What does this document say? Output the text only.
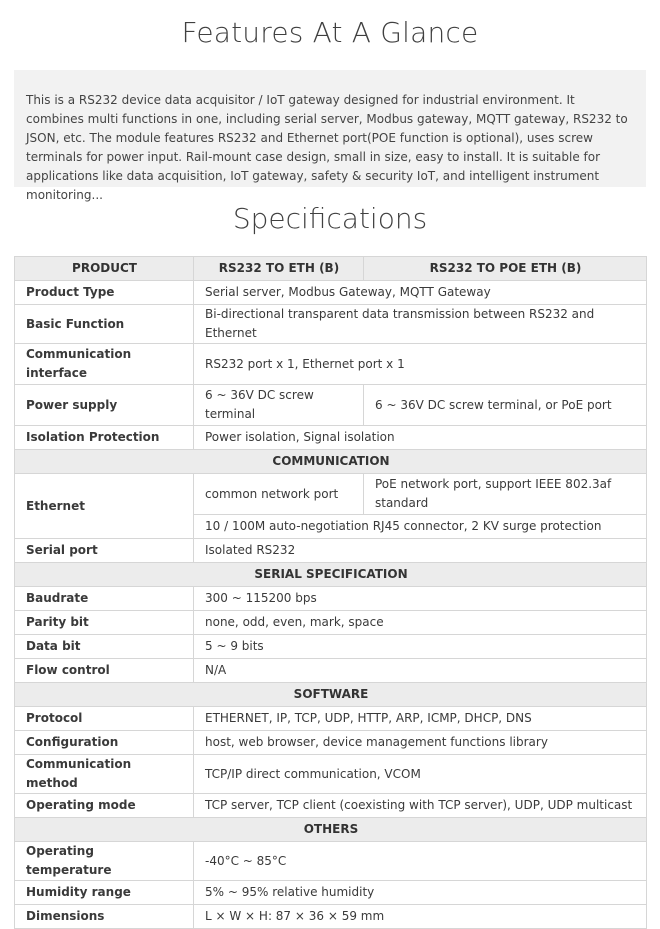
Features At A Glance
This is a RS232 device data acquisitor / IoT gateway designed for industrial environment. It combines multi functions in one, including serial server, Modbus gateway, MQTT gateway, RS232 to JSON, etc. The module features RS232 and Ethernet port(POE function is optional), uses screw terminals for power input. Rail-mount case design, small in size, easy to install. It is suitable for applications like data acquisition, IoT gateway, safety & security IoT, and intelligent instrument monitoring...
Specifications
PRODUCT	RS232 TO ETH (B)	RS232 TO POE ETH (B)
Product Type	Serial server, Modbus Gateway, MQTT Gateway	
Basic Function	Bi-directional transparent data transmission between RS232 and Ethernet	
Communication interface	RS232 port x 1, Ethernet port x 1	
Power supply	6 ~ 36V DC screw terminal	6 ~ 36V DC screw terminal, or PoE port
Isolation Protection	Power isolation, Signal isolation	
COMMUNICATION		
Ethernet	common network port	PoE network port, support IEEE 802.3af standard
	10 / 100M auto-negotiation RJ45 connector, 2 KV surge protection	
Serial port	Isolated RS232	
SERIAL SPECIFICATION		
Baudrate	300 ~ 115200 bps	
Parity bit	none, odd, even, mark, space	
Data bit	5 ~ 9 bits	
Flow control	N/A	
SOFTWARE		
Protocol	ETHERNET, IP, TCP, UDP, HTTP, ARP, ICMP, DHCP, DNS	
Configuration	host, web browser, device management functions library	
Communication method	TCP/IP direct communication, VCOM	
Operating mode	TCP server, TCP client (coexisting with TCP server), UDP, UDP multicast	
OTHERS		
Operating temperature	-40°C ~ 85°C	
Humidity range	5% ~ 95% relative humidity	
Dimensions	L × W × H: 87 × 36 × 59 mm	
